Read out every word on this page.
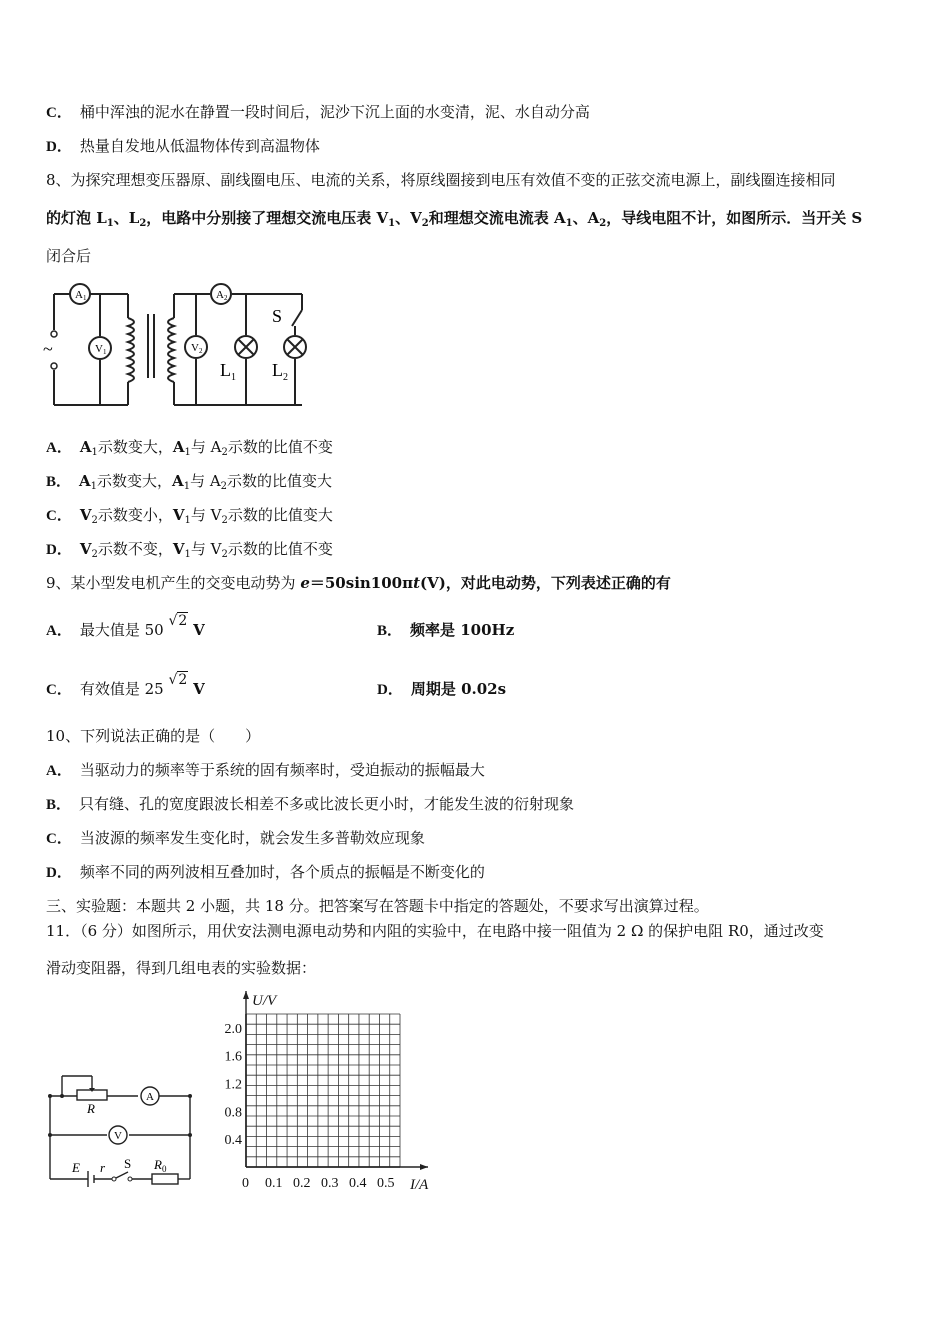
C． 桶中浑浊的泥水在静置一段时间后，泥沙下沉上面的水变清，泥、水自动分高
D． 热量自发地从低温物体传到高温物体
8、为探究理想变压器原、副线圈电压、电流的关系，将原线圈接到电压有效值不变的正弦交流电源上，副线圈连接相同
的灯泡 $L_1$、$L_2$，电路中分别接了理想交流电压表 $V_1$、$V_2$和理想交流电流表 $A_1$、$A_2$，导线电阻不计，如图所示．当开关 S
闭合后
~
A1	A2
V1	V2
S
$L_1$ $L_2$
A． $A_1$示数变大，$A_1$与 $A_2$示数的比值不变
B． $A_1$示数变大，$A_1$与 $A_2$示数的比值变大
C． $V_2$示数变小，$V_1$与 $V_2$示数的比值变大
D． $V_2$示数不变，$V_1$与 $V_2$示数的比值不变
9、某小型发电机产生的交变电动势为 e＝50sin100πt(V)，对此电动势，下列表述正确的有
A． 最大值是 50 √2 V	B． 频率是 100Hz
C． 有效值是 25 √2 V	D． 周期是 0.02s
10、下列说法正确的是（　　）
A． 当驱动力的频率等于系统的固有频率时，受迫振动的振幅最大
B． 只有缝、孔的宽度跟波长相差不多或比波长更小时，才能发生波的衍射现象
C． 当波源的频率发生变化时，就会发生多普勒效应现象
D． 频率不同的两列波相互叠加时，各个质点的振幅是不断变化的
三、实验题：本题共 2 小题，共 18 分。把答案写在答题卡中指定的答题处，不要求写出演算过程。
11．（6 分）如图所示，用伏安法测电源电动势和内阻的实验中，在电路中接一阻值为 2 Ω 的保护电阻 R0，通过改变
滑动变阻器，得到几组电表的实验数据：
R
A
V
E r S $R_0$
0 0.1 0.2 0.3 0.4 0.5
2.0
1.6
1.2
0.8
0.4
I/A
U/V
